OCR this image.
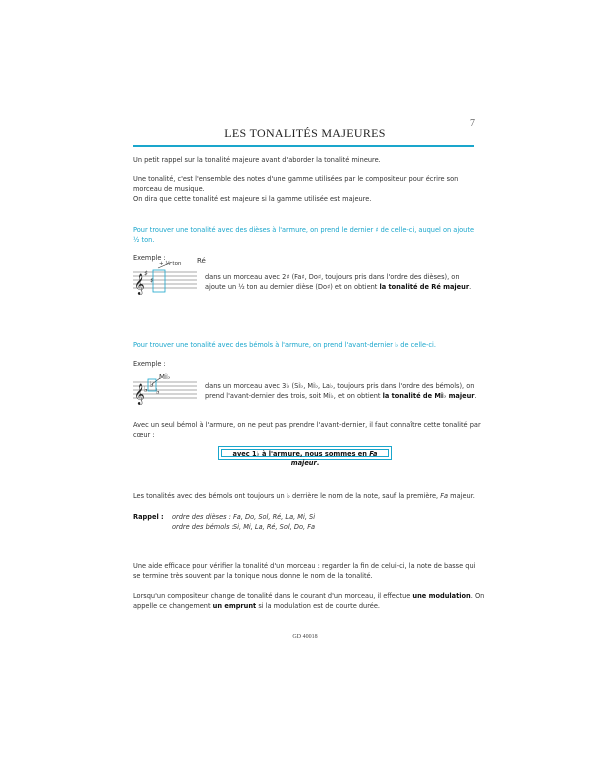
7
LES TONALITÉS MAJEURES
Un petit rappel sur la tonalité majeure avant d'aborder la tonalité mineure.
Une tonalité, c'est l'ensemble des notes d'une gamme utilisées par le compositeur pour écrire son
morceau de musique.
On dira que cette tonalité est majeure si la gamme utilisée est majeure.
Pour trouver une tonalité avec des dièses à l'armure, on prend le dernier ♯ de celle-ci, auquel on ajoute
½ ton.
Exemple :
+ ½ ton Ré
𝄞
♯
♯	dans un morceau avec 2♯ (Fa♯, Do♯, toujours pris dans l'ordre des dièses), on
ajoute un ½ ton au dernier dièse (Do♯) et on obtient la tonalité de Ré majeur.
Pour trouver une tonalité avec des bémols à l'armure, on prend l'avant-dernier ♭ de celle-ci.
Exemple :
Mi♭
𝄞 ♭
♭
♭
dans un morceau avec 3♭ (Si♭, Mi♭, La♭, toujours pris dans l'ordre des bémols), on
prend l'avant-dernier des trois, soit Mi♭, et on obtient la tonalité de Mi♭ majeur.
Avec un seul bémol à l'armure, on ne peut pas prendre l'avant-dernier, il faut connaître cette tonalité par
cœur :
avec 1♭ à l'armure, nous sommes en Fa majeur.
Les tonalités avec des bémols ont toujours un ♭ derrière le nom de la note, sauf la première, Fa majeur.
Rappel : ordre des dièses : Fa, Do, Sol, Ré, La, Mi, Si
ordre des bémols : Si, Mi, La, Ré, Sol, Do, Fa
Une aide efficace pour vérifier la tonalité d'un morceau : regarder la fin de celui-ci, la note de basse qui
se termine très souvent par la tonique nous donne le nom de la tonalité.
Lorsqu'un compositeur change de tonalité dans le courant d'un morceau, il effectue une modulation. On
appelle ce changement un emprunt si la modulation est de courte durée.
GD 40018
